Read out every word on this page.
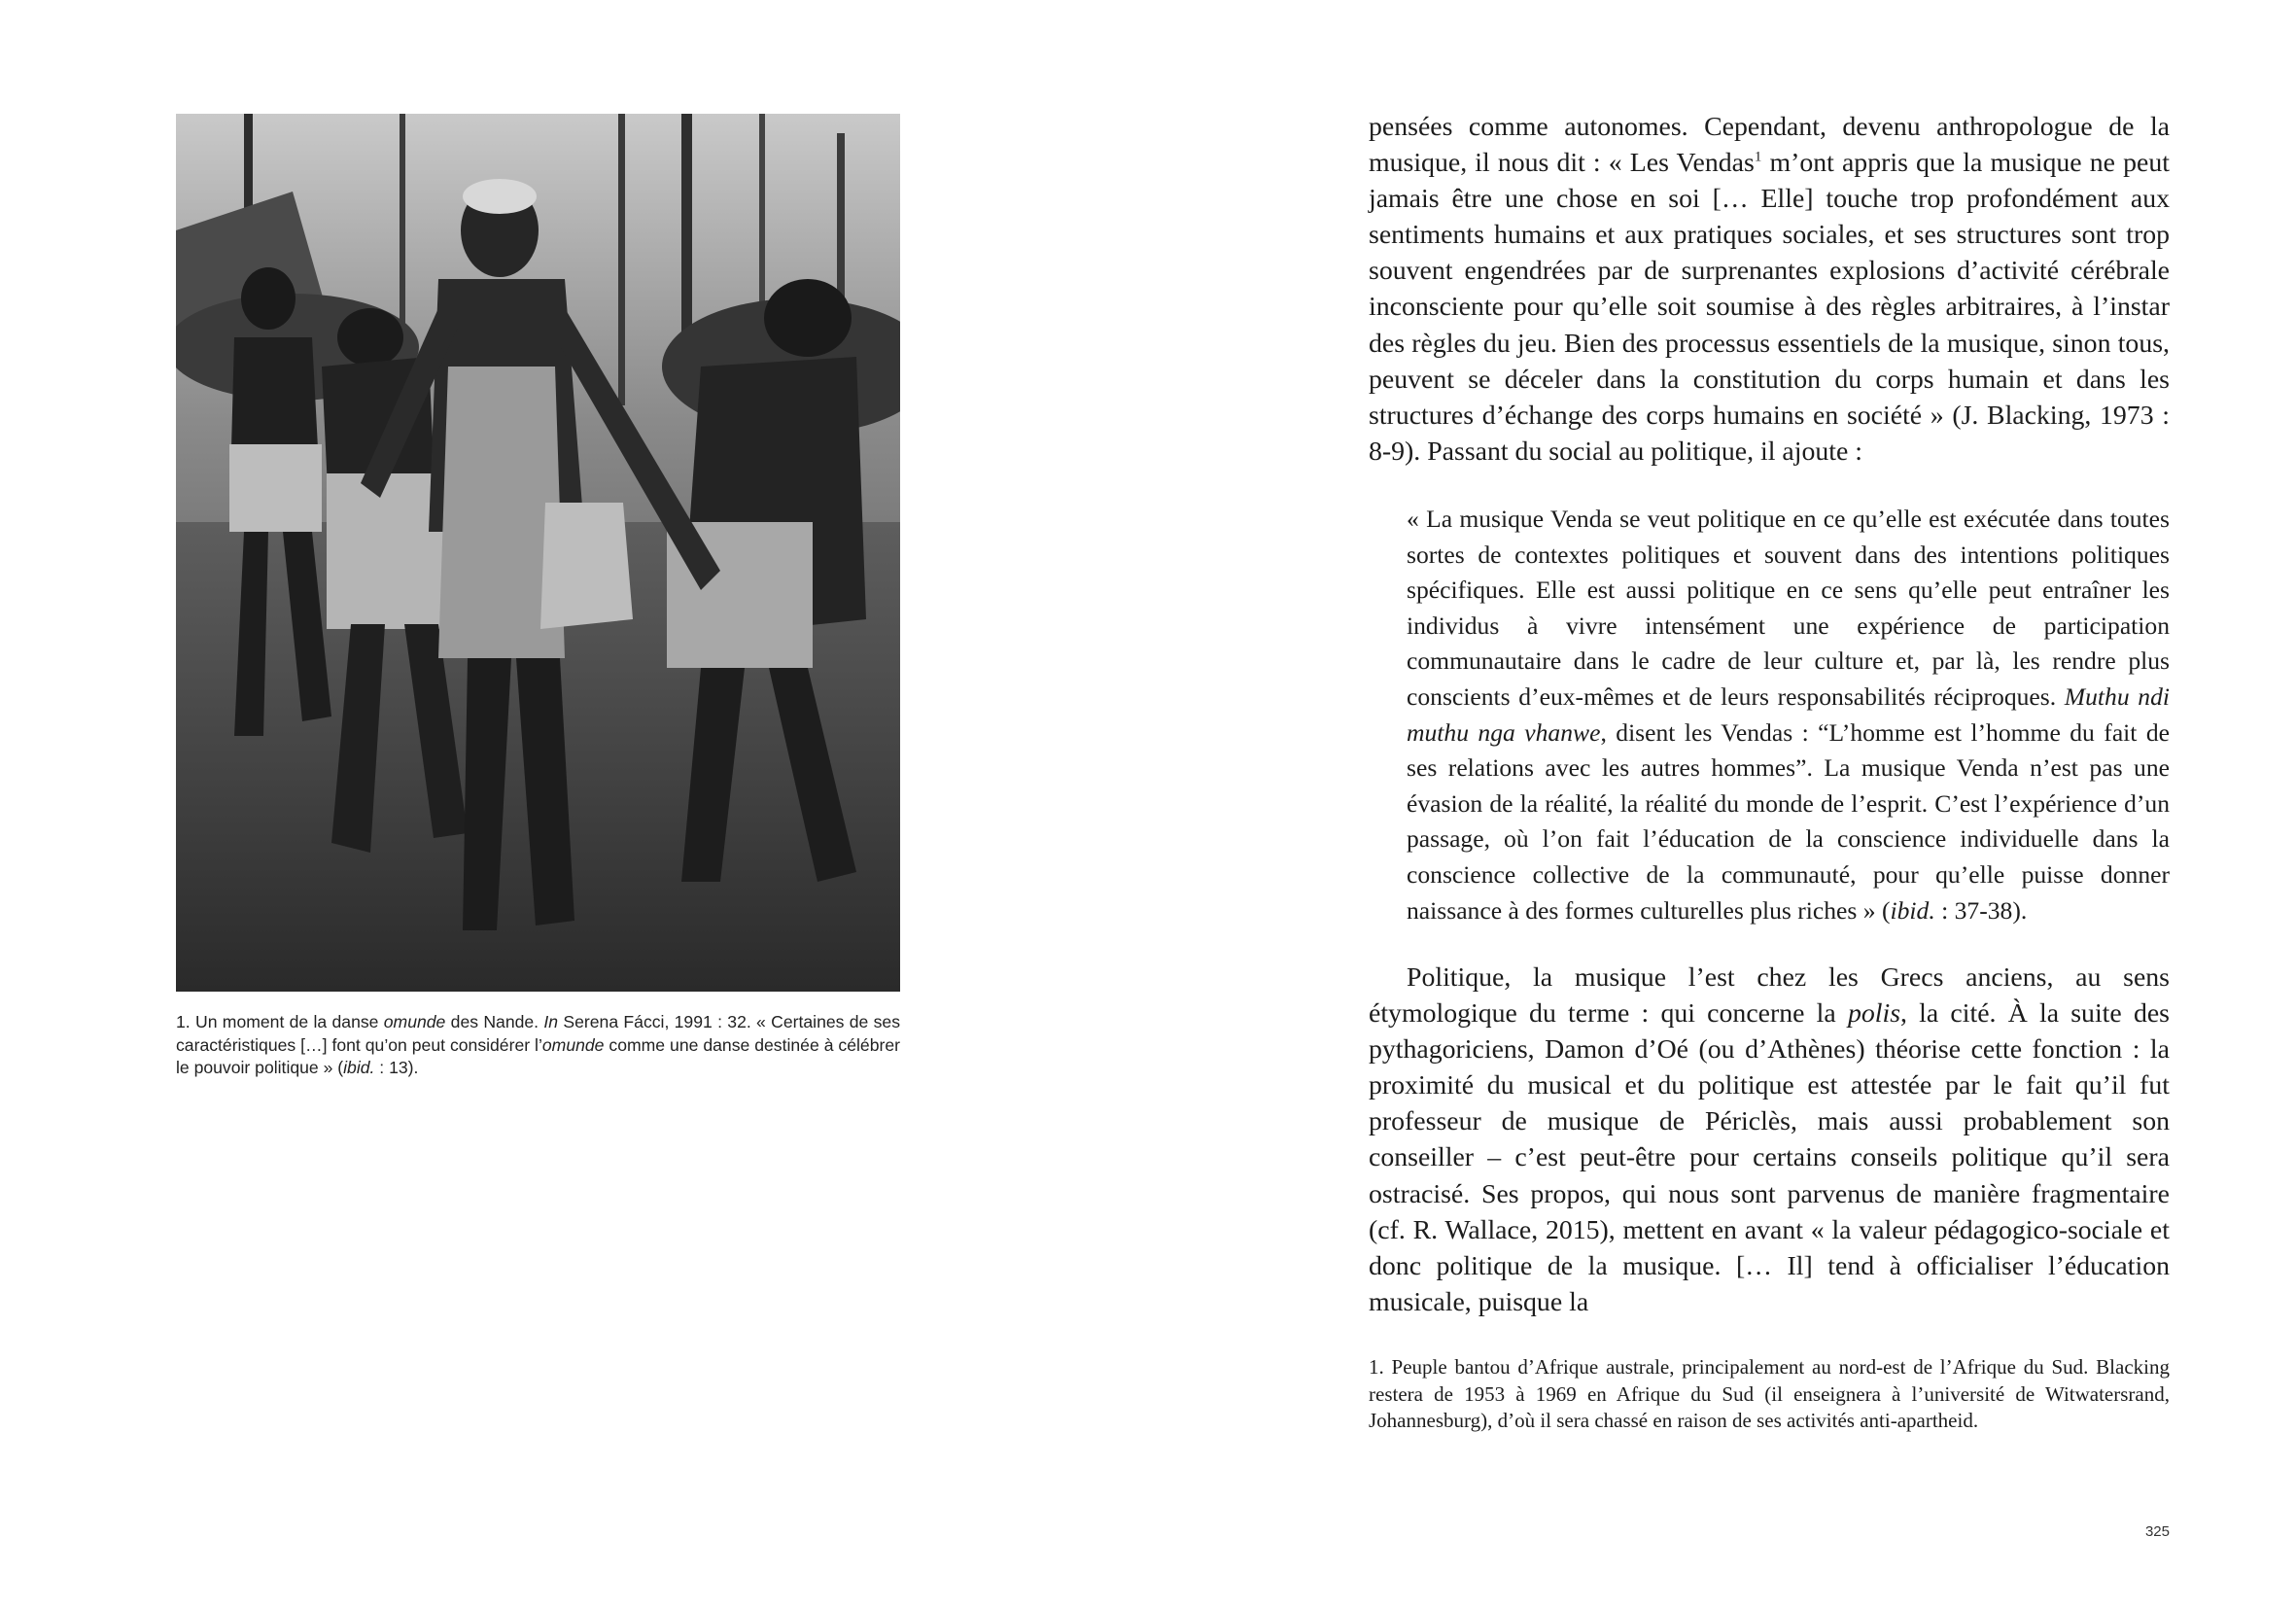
1. Un moment de la danse omunde des Nande. In Serena Fácci, 1991 : 32. « Certaines de ses caractéristiques […] font qu’on peut considérer l’omunde comme une danse destinée à célébrer le pouvoir politique » (ibid. : 13).

pensées comme autonomes. Cependant, devenu anthropologue de la musique, il nous dit : « Les Vendas$^1$ m’ont appris que la musique ne peut jamais être une chose en soi [… Elle] touche trop profondément aux sentiments humains et aux pratiques sociales, et ses structures sont trop souvent engendrées par de surprenantes explosions d’activité cérébrale inconsciente pour qu’elle soit soumise à des règles arbitraires, à l’instar des règles du jeu. Bien des processus essentiels de la musique, sinon tous, peuvent se déceler dans la constitution du corps humain et dans les structures d’échange des corps humains en société » (J. Blacking, 1973 : 8-9). Passant du social au politique, il ajoute :

« La musique Venda se veut politique en ce qu’elle est exécutée dans toutes sortes de contextes politiques et souvent dans des intentions politiques spécifiques. Elle est aussi politique en ce sens qu’elle peut entraîner les individus à vivre intensément une expérience de participation communautaire dans le cadre de leur culture et, par là, les rendre plus conscients d’eux-mêmes et de leurs responsabilités réciproques. Muthu ndi muthu nga vhanwe, disent les Vendas : “L’homme est l’homme du fait de ses relations avec les autres hommes”. La musique Venda n’est pas une évasion de la réalité, la réalité du monde de l’esprit. C’est l’expérience d’un passage, où l’on fait l’éducation de la conscience individuelle dans la conscience collective de la communauté, pour qu’elle puisse donner naissance à des formes culturelles plus riches » (ibid. : 37-38).

Politique, la musique l’est chez les Grecs anciens, au sens étymologique du terme : qui concerne la polis, la cité. À la suite des pythagoriciens, Damon d’Oé (ou d’Athènes) théorise cette fonction : la proximité du musical et du politique est attestée par le fait qu’il fut professeur de musique de Périclès, mais aussi probablement son conseiller – c’est peut-être pour certains conseils politique qu’il sera ostracisé. Ses propos, qui nous sont parvenus de manière fragmentaire (cf. R. Wallace, 2015), mettent en avant « la valeur pédagogico-sociale et donc politique de la musique. [… Il] tend à officialiser l’éducation musicale, puisque la

1. Peuple bantou d’Afrique australe, principalement au nord-est de l’Afrique du Sud. Blacking restera de 1953 à 1969 en Afrique du Sud (il enseignera à l’université de Witwatersrand, Johannesburg), d’où il sera chassé en raison de ses activités anti-apartheid.
325
